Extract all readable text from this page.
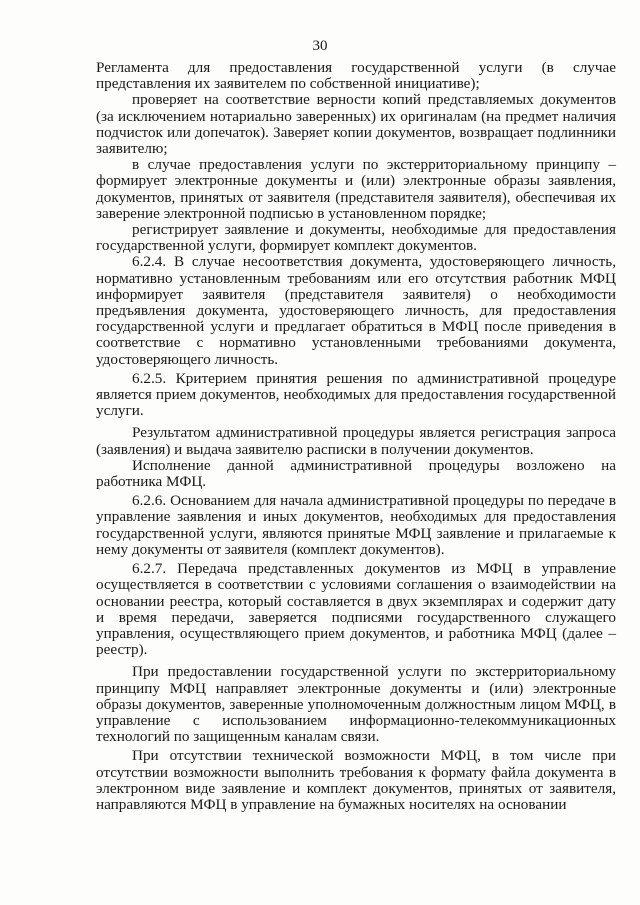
30

Регламента для предоставления государственной услуги (в случае представления их заявителем по собственной инициативе);

проверяет на соответствие верности копий представляемых документов (за исключением нотариально заверенных) их оригиналам (на предмет наличия подчисток или допечаток). Заверяет копии документов, возвращает подлинники заявителю;

в случае предоставления услуги по экстерриториальному принципу – формирует электронные документы и (или) электронные образы заявления, документов, принятых от заявителя (представителя заявителя), обеспечивая их заверение электронной подписью в установленном порядке;

регистрирует заявление и документы, необходимые для предоставления государственной услуги, формирует комплект документов.

6.2.4. В случае несоответствия документа, удостоверяющего личность, нормативно установленным требованиям или его отсутствия работник МФЦ информирует заявителя (представителя заявителя) о необходимости предъявления документа, удостоверяющего личность, для предоставления государственной услуги и предлагает обратиться в МФЦ после приведения в соответствие с нормативно установленными требованиями документа, удостоверяющего личность.

6.2.5. Критерием принятия решения по административной процедуре является прием документов, необходимых для предоставления государственной услуги.

Результатом административной процедуры является регистрация запроса (заявления) и выдача заявителю расписки в получении документов.

Исполнение данной административной процедуры возложено на работника МФЦ.

6.2.6. Основанием для начала административной процедуры по передаче в управление заявления и иных документов, необходимых для предоставления государственной услуги, являются принятые МФЦ заявление и прилагаемые к нему документы от заявителя (комплект документов).

6.2.7. Передача представленных документов из МФЦ в управление осуществляется в соответствии с условиями соглашения о взаимодействии на основании реестра, который составляется в двух экземплярах и содержит дату и время передачи, заверяется подписями государственного служащего управления, осуществляющего прием документов, и работника МФЦ (далее – реестр).

При предоставлении государственной услуги по экстерриториальному принципу МФЦ направляет электронные документы и (или) электронные образы документов, заверенные уполномоченным должностным лицом МФЦ, в управление с использованием информационно-телекоммуникационных технологий по защищенным каналам связи.

При отсутствии технической возможности МФЦ, в том числе при отсутствии возможности выполнить требования к формату файла документа в электронном виде заявление и комплект документов, принятых от заявителя, направляются МФЦ в управление на бумажных носителях на основании
